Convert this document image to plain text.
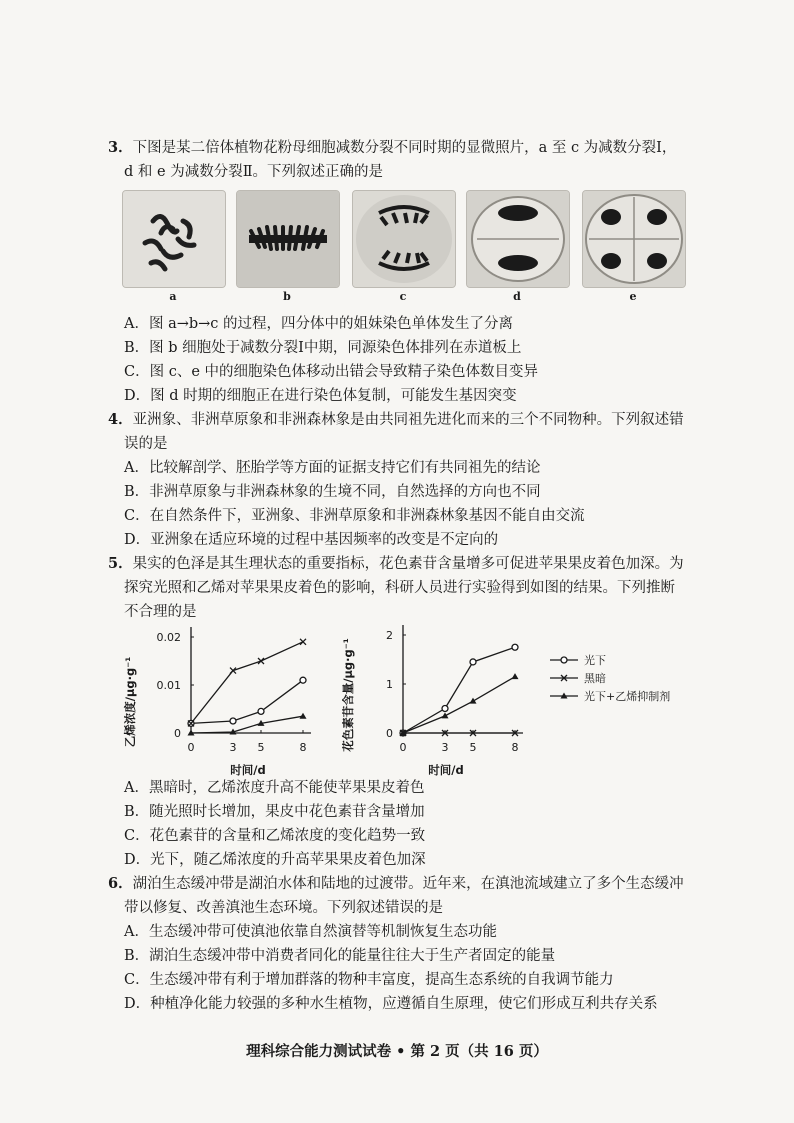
3．下图是某二倍体植物花粉母细胞减数分裂不同时期的显微照片，a 至 c 为减数分裂Ⅰ，
d 和 e 为减数分裂Ⅱ。下列叙述正确的是
a	b	c	d	e
A．图 a→b→c 的过程，四分体中的姐妹染色单体发生了分离
B．图 b 细胞处于减数分裂Ⅰ中期，同源染色体排列在赤道板上
C．图 c、e 中的细胞染色体移动出错会导致精子染色体数目变异
D．图 d 时期的细胞正在进行染色体复制，可能发生基因突变
4．亚洲象、非洲草原象和非洲森林象是由共同祖先进化而来的三个不同物种。下列叙述错
误的是
A．比较解剖学、胚胎学等方面的证据支持它们有共同祖先的结论
B．非洲草原象与非洲森林象的生境不同，自然选择的方向也不同
C．在自然条件下，亚洲象、非洲草原象和非洲森林象基因不能自由交流
D．亚洲象在适应环境的过程中基因频率的改变是不定向的
5．果实的色泽是其生理状态的重要指标，花色素苷含量增多可促进苹果果皮着色加深。为
探究光照和乙烯对苹果果皮着色的影响，科研人员进行实验得到如图的结果。下列推断
不合理的是
乙烯浓度/μg·g⁻¹
0	3 5	8
0
0.01
0.02
时间/d
花色素苷含量/μg·g⁻¹	0	3 5	8
0
1
2
时间/d
光下
黑暗
光下+乙烯抑制剂
A．黑暗时，乙烯浓度升高不能使苹果果皮着色
B．随光照时长增加，果皮中花色素苷含量增加
C．花色素苷的含量和乙烯浓度的变化趋势一致
D．光下，随乙烯浓度的升高苹果果皮着色加深
6．湖泊生态缓冲带是湖泊水体和陆地的过渡带。近年来，在滇池流域建立了多个生态缓冲
带以修复、改善滇池生态环境。下列叙述错误的是
A．生态缓冲带可使滇池依靠自然演替等机制恢复生态功能
B．湖泊生态缓冲带中消费者同化的能量往往大于生产者固定的能量
C．生态缓冲带有利于增加群落的物种丰富度，提高生态系统的自我调节能力
D．种植净化能力较强的多种水生植物，应遵循自生原理，使它们形成互利共存关系
理科综合能力测试试卷 • 第 2 页（共 16 页）
